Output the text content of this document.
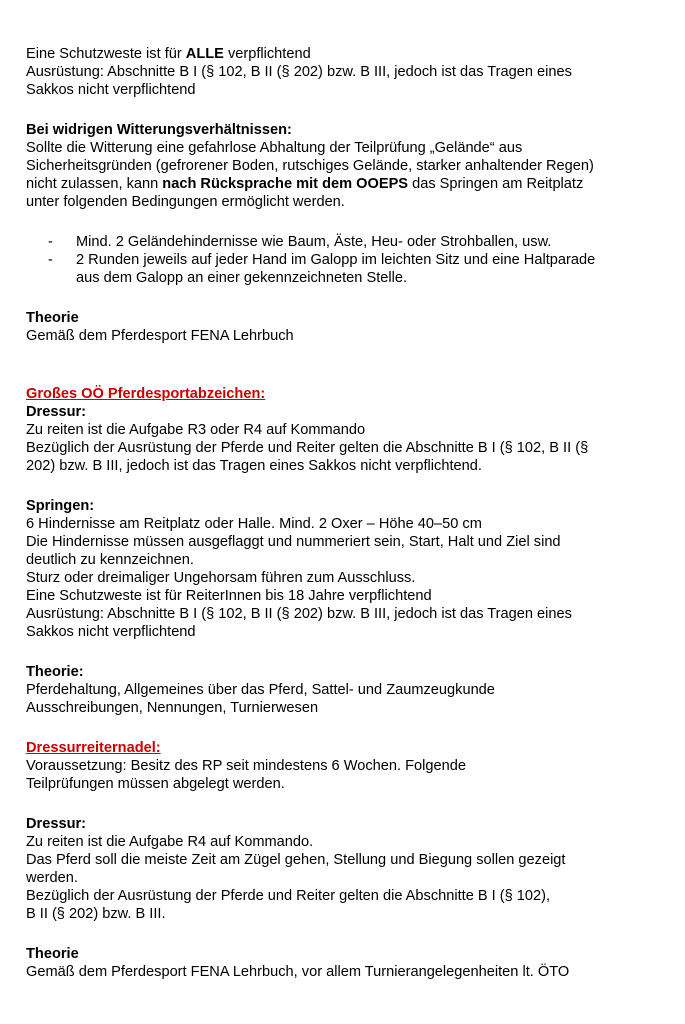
Eine Schutzweste ist für ALLE verpflichtend
Ausrüstung: Abschnitte B I (§ 102, B II (§ 202) bzw. B III, jedoch ist das Tragen eines
Sakkos nicht verpflichtend
Bei widrigen Witterungsverhältnissen:
Sollte die Witterung eine gefahrlose Abhaltung der Teilprüfung „Gelände“ aus
Sicherheitsgründen (gefrorener Boden, rutschiges Gelände, starker anhaltender Regen)
nicht zulassen, kann nach Rücksprache mit dem OOEPS das Springen am Reitplatz
unter folgenden Bedingungen ermöglicht werden.
- Mind. 2 Geländehindernisse wie Baum, Äste, Heu- oder Strohballen, usw.
- 2 Runden jeweils auf jeder Hand im Galopp im leichten Sitz und eine Haltparade
aus dem Galopp an einer gekennzeichneten Stelle.
Theorie
Gemäß dem Pferdesport FENA Lehrbuch
Großes OÖ Pferdesportabzeichen:
Dressur:
Zu reiten ist die Aufgabe R3 oder R4 auf Kommando
Bezüglich der Ausrüstung der Pferde und Reiter gelten die Abschnitte B I (§ 102, B II (§
202) bzw. B III, jedoch ist das Tragen eines Sakkos nicht verpflichtend.
Springen:
6 Hindernisse am Reitplatz oder Halle. Mind. 2 Oxer – Höhe 40–50 cm
Die Hindernisse müssen ausgeflaggt und nummeriert sein, Start, Halt und Ziel sind
deutlich zu kennzeichnen.
Sturz oder dreimaliger Ungehorsam führen zum Ausschluss.
Eine Schutzweste ist für ReiterInnen bis 18 Jahre verpflichtend
Ausrüstung: Abschnitte B I (§ 102, B II (§ 202) bzw. B III, jedoch ist das Tragen eines
Sakkos nicht verpflichtend
Theorie:
Pferdehaltung, Allgemeines über das Pferd, Sattel- und Zaumzeugkunde
Ausschreibungen, Nennungen, Turnierwesen
Dressurreiternadel:
Voraussetzung: Besitz des RP seit mindestens 6 Wochen. Folgende
Teilprüfungen müssen abgelegt werden.
Dressur:
Zu reiten ist die Aufgabe R4 auf Kommando.
Das Pferd soll die meiste Zeit am Zügel gehen, Stellung und Biegung sollen gezeigt
werden.
Bezüglich der Ausrüstung der Pferde und Reiter gelten die Abschnitte B I (§ 102),
B II (§ 202) bzw. B III.
Theorie
Gemäß dem Pferdesport FENA Lehrbuch, vor allem Turnierangelegenheiten lt. ÖTO
